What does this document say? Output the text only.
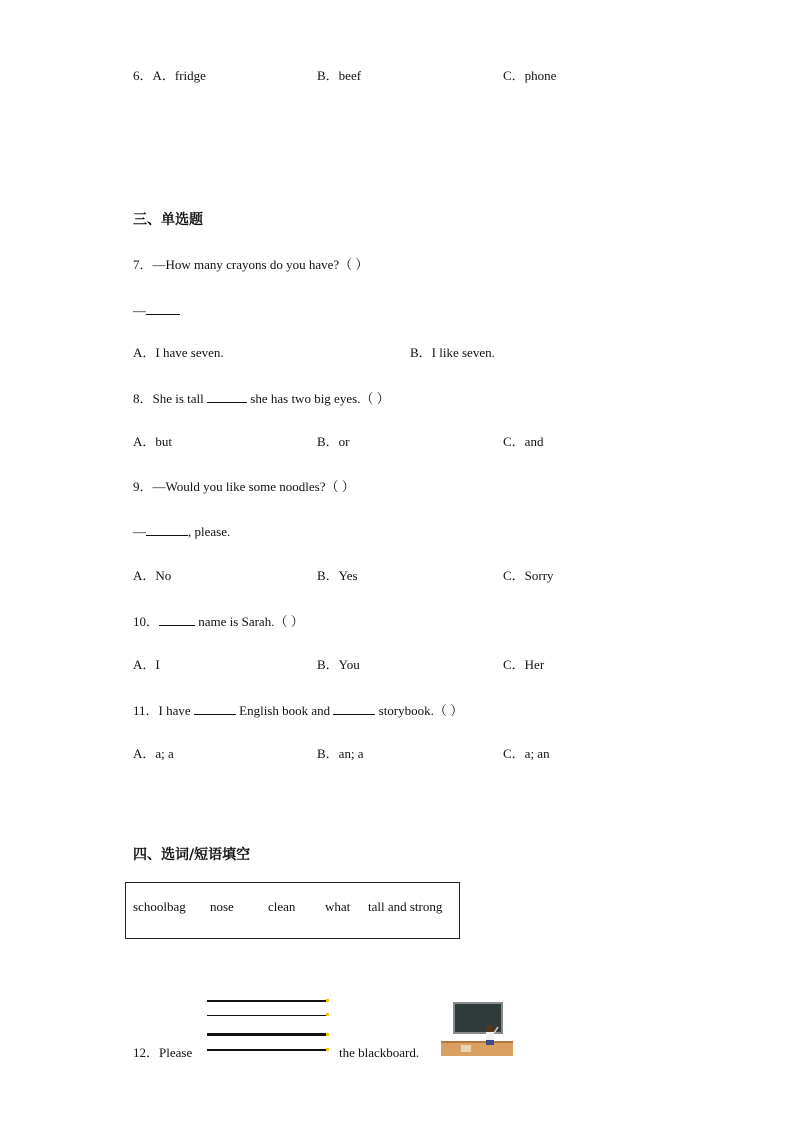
6．A．fridge	B．beef	C．phone
三、单选题
7．—How many crayons do you have?（ ）
—
A．I have seven.	B．I like seven.
8．She is tall	she has two big eyes.（ ）
A．but	B．or	C．and
9．—Would you like some noodles?（ ）
—	, please.
A．No	B．Yes	C．Sorry
10．	name is Sarah.（ ）
A．I	B．You	C．Her
11．I have	English book and	storybook.（ ）
A．a; a	B．an; a	C．a; an
四、选词/短语填空
schoolbag nose	clean what tall and strong
12．Please	the blackboard.
